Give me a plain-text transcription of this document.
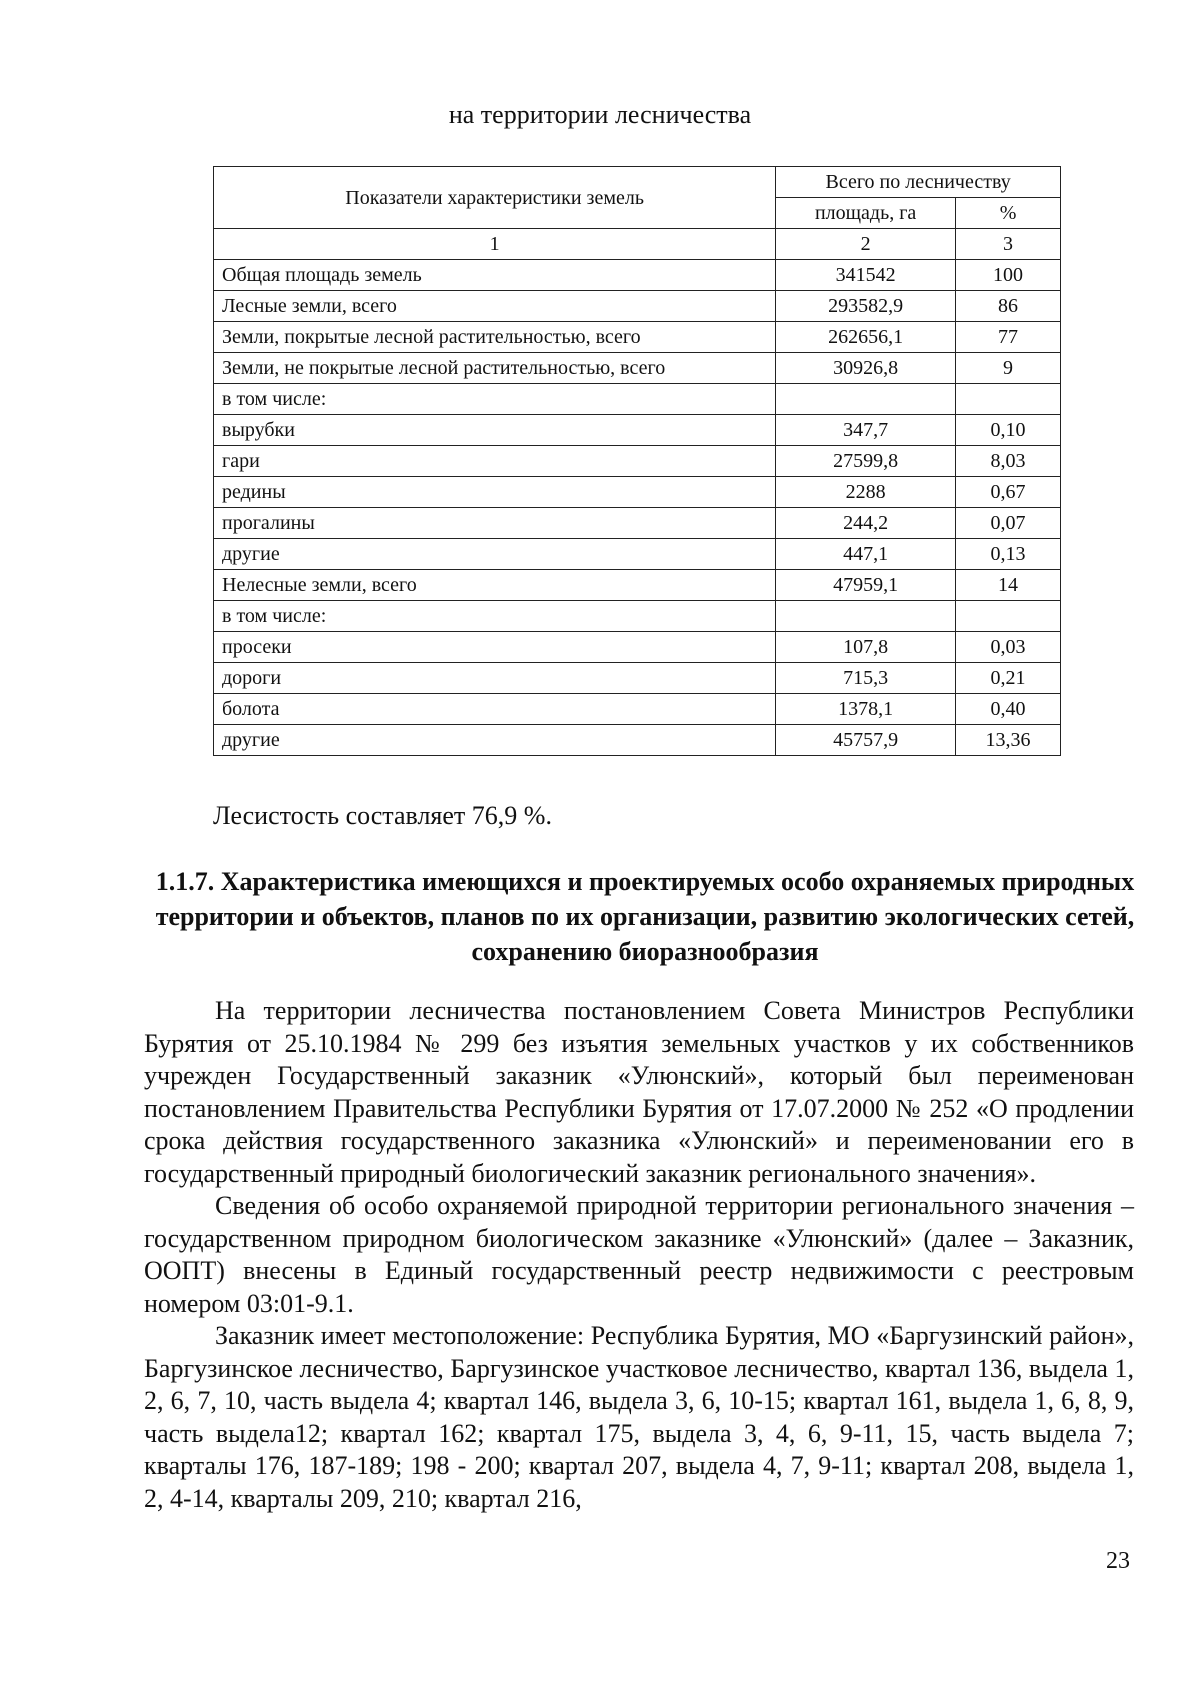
на территории лесничества
Показатели характеристики земель	Всего по лесничеству	
	площадь, га	%
1	2	3
Общая площадь земель	341542	100
Лесные земли, всего	293582,9	86
Земли, покрытые лесной растительностью, всего	262656,1	77
Земли, не покрытые лесной растительностью, всего	30926,8	9
в том числе:		
вырубки	347,7	0,10
гари	27599,8	8,03
редины	2288	0,67
прогалины	244,2	0,07
другие	447,1	0,13
Нелесные земли, всего	47959,1	14
в том числе:		
просеки	107,8	0,03
дороги	715,3	0,21
болота	1378,1	0,40
другие	45757,9	13,36
Лесистость составляет 76,9 %.
1.1.7. Характеристика имеющихся и проектируемых особо охраняемых природных территории и объектов, планов по их организации, развитию экологических сетей, сохранению биоразнообразия

На территории лесничества постановлением Совета Министров Республики Бурятия от 25.10.1984 № 299 без изъятия земельных участков у их собственников учрежден Государственный заказник «Улюнский», который был переименован постановлением Правительства Республики Бурятия от 17.07.2000 № 252 «О продлении срока действия государственного заказника «Улюнский» и переименовании его в государственный природный биологический заказник регионального значения».

Сведения об особо охраняемой природной территории регионального значения – государственном природном биологическом заказнике «Улюнский» (далее – Заказник, ООПТ) внесены в Единый государственный реестр недвижимости с реестровым номером 03:01-9.1.

Заказник имеет местоположение: Республика Бурятия, МО «Баргузинский район», Баргузинское лесничество, Баргузинское участковое лесничество, квартал 136, выдела 1, 2, 6, 7, 10, часть выдела 4; квартал 146, выдела 3, 6, 10-15; квартал 161, выдела 1, 6, 8, 9, часть выдела12; квартал 162; квартал 175, выдела 3, 4, 6, 9-11, 15, часть выдела 7; кварталы 176, 187-189; 198 - 200; квартал 207, выдела 4, 7, 9-11; квартал 208, выдела 1, 2, 4-14, кварталы 209, 210; квартал 216,

23
